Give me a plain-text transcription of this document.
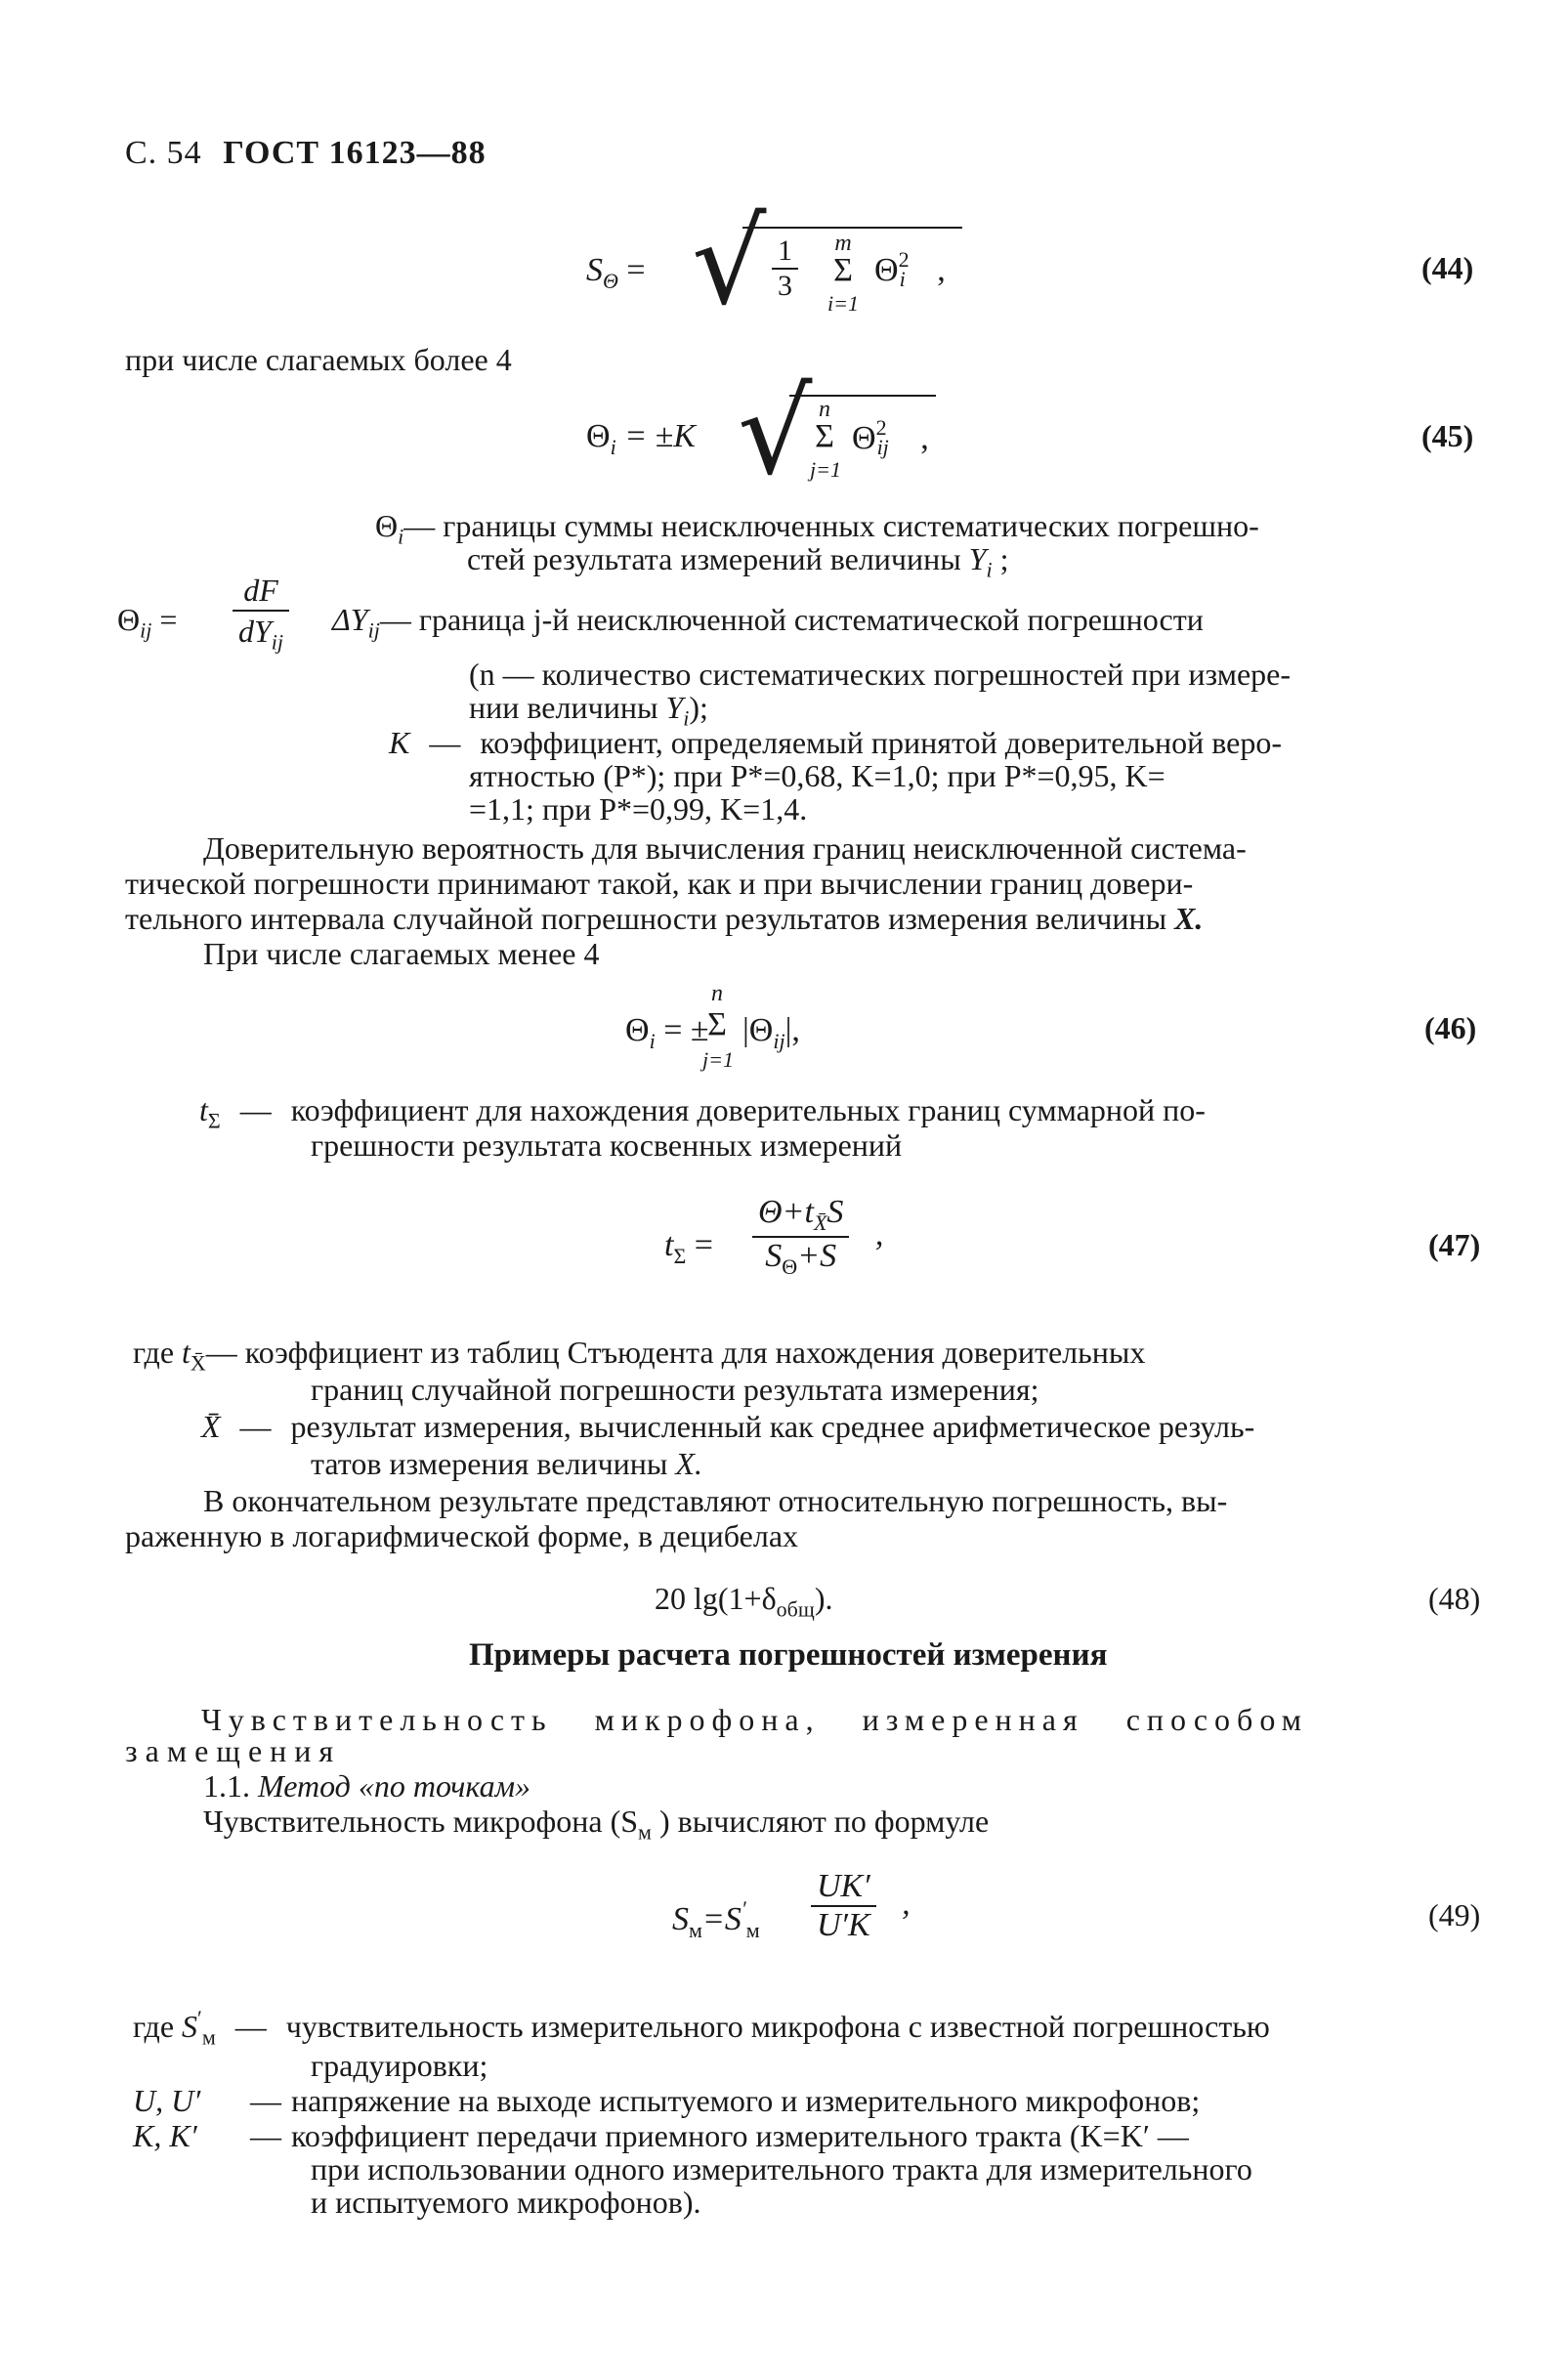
С. 54 ГОСТ 16123—88
$S_\Theta$ = √ $\frac{1}{3}$	m
Σ
i=1
$\Theta^2i$ ,	(44)
при числе слагаемых более 4
$\Theta_i = \pm K$ √ n
Σ
j=1
$\Theta^2ij$ ,	(45)
$\Theta_i—$ границы суммы неисключенных систематических погрешно-
стей результата измерений величины $Y_i$ ;
$\Theta_{ij} = \frac{dF}{dY_{ij}}$ $\Delta Y_{ij}—$ граница j-й неисключенной систематической погрешности
(n — количество систематических погрешностей при измере-
нии величины $Y_i$);
K — коэффициент, определяемый принятой доверительной веро-
ятностью (P*); при P*=0,68, K=1,0; при P*=0,95, K=
=1,1; при P*=0,99, K=1,4.
Доверительную вероятность для вычисления границ неисключенной система-
тической погрешности принимают такой, как и при вычислении границ довери-
тельного интервала случайной погрешности результатов измерения величины X.
При числе слагаемых менее 4
n
$\Theta_i$ = ±
Σ
j=1
$|\Theta_{ij}|$,	(46)
$t_\Sigma$ — коэффициент для нахождения доверительных границ суммарной по-
грешности результата косвенных измерений
$t_\Sigma = \frac{\Theta+t_{X̄}S}{S_\Theta+S}$ ,	(47)
где $t_{X̄}—$ коэффициент из таблиц Стъюдента для нахождения доверительных
границ случайной погрешности результата измерения;
X̄ — результат измерения, вычисленный как среднее арифметическое резуль-
татов измерения величины X.
В окончательном результате представляют относительную погрешность, вы-
раженную в логарифмической форме, в децибелах
20 $\lg(1+\delta_{общ})$.	(48)
Примеры расчета погрешностей измерения
Чувствительность микрофона, измеренная способом
замещения
1.1. Метод «по точкам»
Чувствительность микрофона ($S_м$ ) вычисляют по формуле
$S_м=S'_м \frac{UK'}{U'K}$ ,	(49)
где $S'_м$ — чувствительность измерительного микрофона с известной погрешностью
градуировки;
U, U′ — напряжение на выходе испытуемого и измерительного микрофонов;
K, K′ — коэффициент передачи приемного измерительного тракта (K=K′ —
при использовании одного измерительного тракта для измерительного
и испытуемого микрофонов).
